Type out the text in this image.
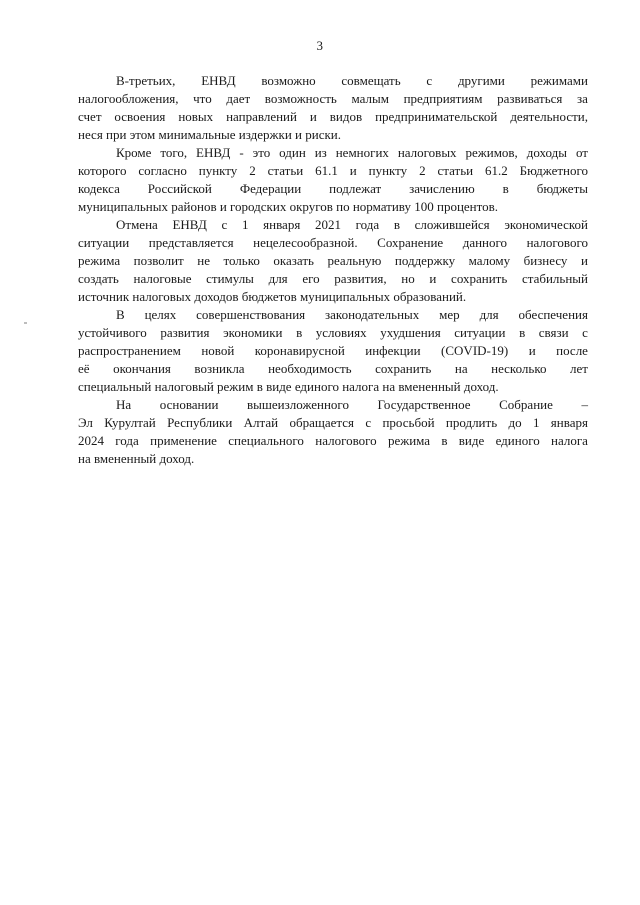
3

В-третьих, ЕНВД возможно совмещать с другими режимами
налогообложения, что дает возможность малым предприятиям развиваться за
счет освоения новых направлений и видов предпринимательской деятельности,
неся при этом минимальные издержки и риски.

Кроме того, ЕНВД - это один из немногих налоговых режимов, доходы от
которого согласно пункту 2 статьи 61.1 и пункту 2 статьи 61.2 Бюджетного
кодекса Российской Федерации подлежат зачислению в бюджеты
муниципальных районов и городских округов по нормативу 100 процентов.

Отмена ЕНВД с 1 января 2021 года в сложившейся экономической
ситуации представляется нецелесообразной. Сохранение данного налогового
режима позволит не только оказать реальную поддержку малому бизнесу и
создать налоговые стимулы для его развития, но и сохранить стабильный
источник налоговых доходов бюджетов муниципальных образований.

В целях совершенствования законодательных мер для обеспечения
устойчивого развития экономики в условиях ухудшения ситуации в связи с
распространением новой коронавирусной инфекции (COVID-19) и после
её окончания возникла необходимость сохранить на несколько лет
специальный налоговый режим в виде единого налога на вмененный доход.

На основании вышеизложенного Государственное Собрание –
Эл Курултай Республики Алтай обращается с просьбой продлить до 1 января
2024 года применение специального налогового режима в виде единого налога
на вмененный доход.
